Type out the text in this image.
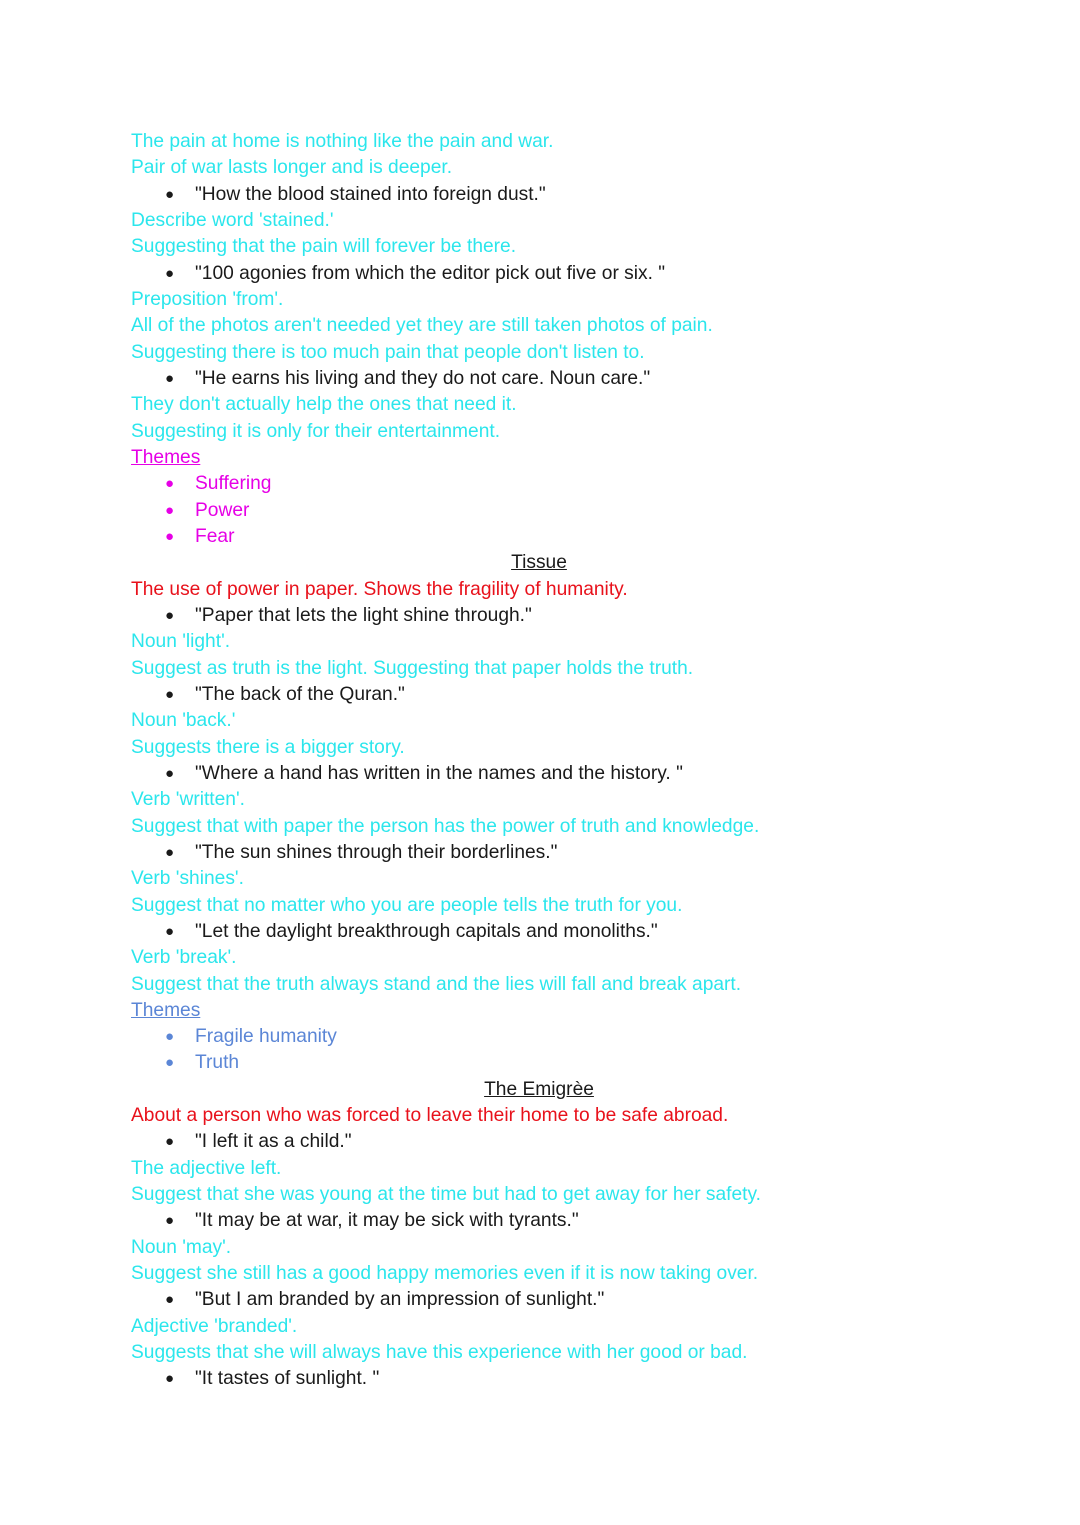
The pain at home is nothing like the pain and war.
Pair of war lasts longer and is deeper.
● "How the blood stained into foreign dust."
Describe word 'stained.'
Suggesting that the pain will forever be there.
● "100 agonies from which the editor pick out five or six. "
Preposition 'from'.
All of the photos aren't needed yet they are still taken photos of pain.
Suggesting there is too much pain that people don't listen to.
● "He earns his living and they do not care. Noun care."
They don't actually help the ones that need it.
Suggesting it is only for their entertainment.
Themes
● Suffering
● Power
● Fear
Tissue
The use of power in paper. Shows the fragility of humanity.
● "Paper that lets the light shine through."
Noun 'light'.
Suggest as truth is the light. Suggesting that paper holds the truth.
● "The back of the Quran."
Noun 'back.'
Suggests there is a bigger story.
● "Where a hand has written in the names and the history. "
Verb 'written'.
Suggest that with paper the person has the power of truth and knowledge.
● "The sun shines through their borderlines."
Verb 'shines'.
Suggest that no matter who you are people tells the truth for you.
● "Let the daylight breakthrough capitals and monoliths."
Verb 'break'.
Suggest that the truth always stand and the lies will fall and break apart.
Themes
● Fragile humanity
● Truth
The Emigrèe
About a person who was forced to leave their home to be safe abroad.
● "I left it as a child."
The adjective left.
Suggest that she was young at the time but had to get away for her safety.
● "It may be at war, it may be sick with tyrants."
Noun 'may'.
Suggest she still has a good happy memories even if it is now taking over.
● "But I am branded by an impression of sunlight."
Adjective 'branded'.
Suggests that she will always have this experience with her good or bad.
● "It tastes of sunlight. "
